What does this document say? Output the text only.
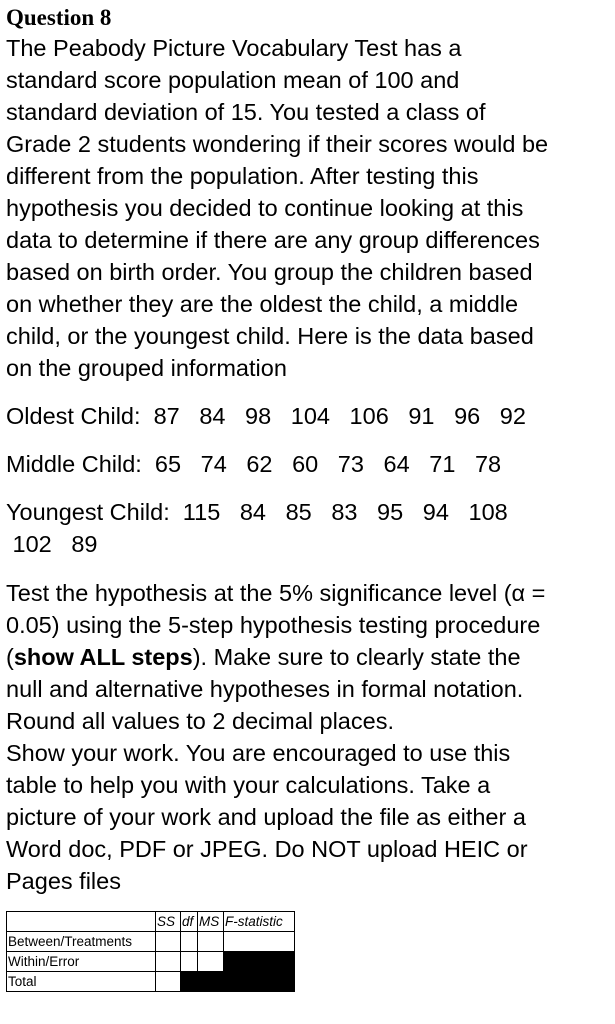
Question 8

The Peabody Picture Vocabulary Test has a

standard score population mean of 100 and

standard deviation of 15. You tested a class of

Grade 2 students wondering if their scores would be

different from the population. After testing this

hypothesis you decided to continue looking at this

data to determine if there are any group differences

based on birth order. You group the children based

on whether they are the oldest the child, a middle

child, or the youngest child. Here is the data based

on the grouped information

Oldest Child:  87   84   98   104   106   91   96   92

Middle Child:  65   74   62   60   73   64   71   78

Youngest Child:  115   84   85   83   95   94   108

102   89

Test the hypothesis at the 5% significance level (α =

0.05) using the 5-step hypothesis testing procedure

(show ALL steps). Make sure to clearly state the

null and alternative hypotheses in formal notation.

Round all values to 2 decimal places.

Show your work. You are encouraged to use this

table to help you with your calculations. Take a

picture of your work and upload the file as either a

Word doc, PDF or JPEG. Do NOT upload HEIC or

Pages files

	SS	df	MS	F-statistic
Between/Treatments				
Within/Error				
Total				
